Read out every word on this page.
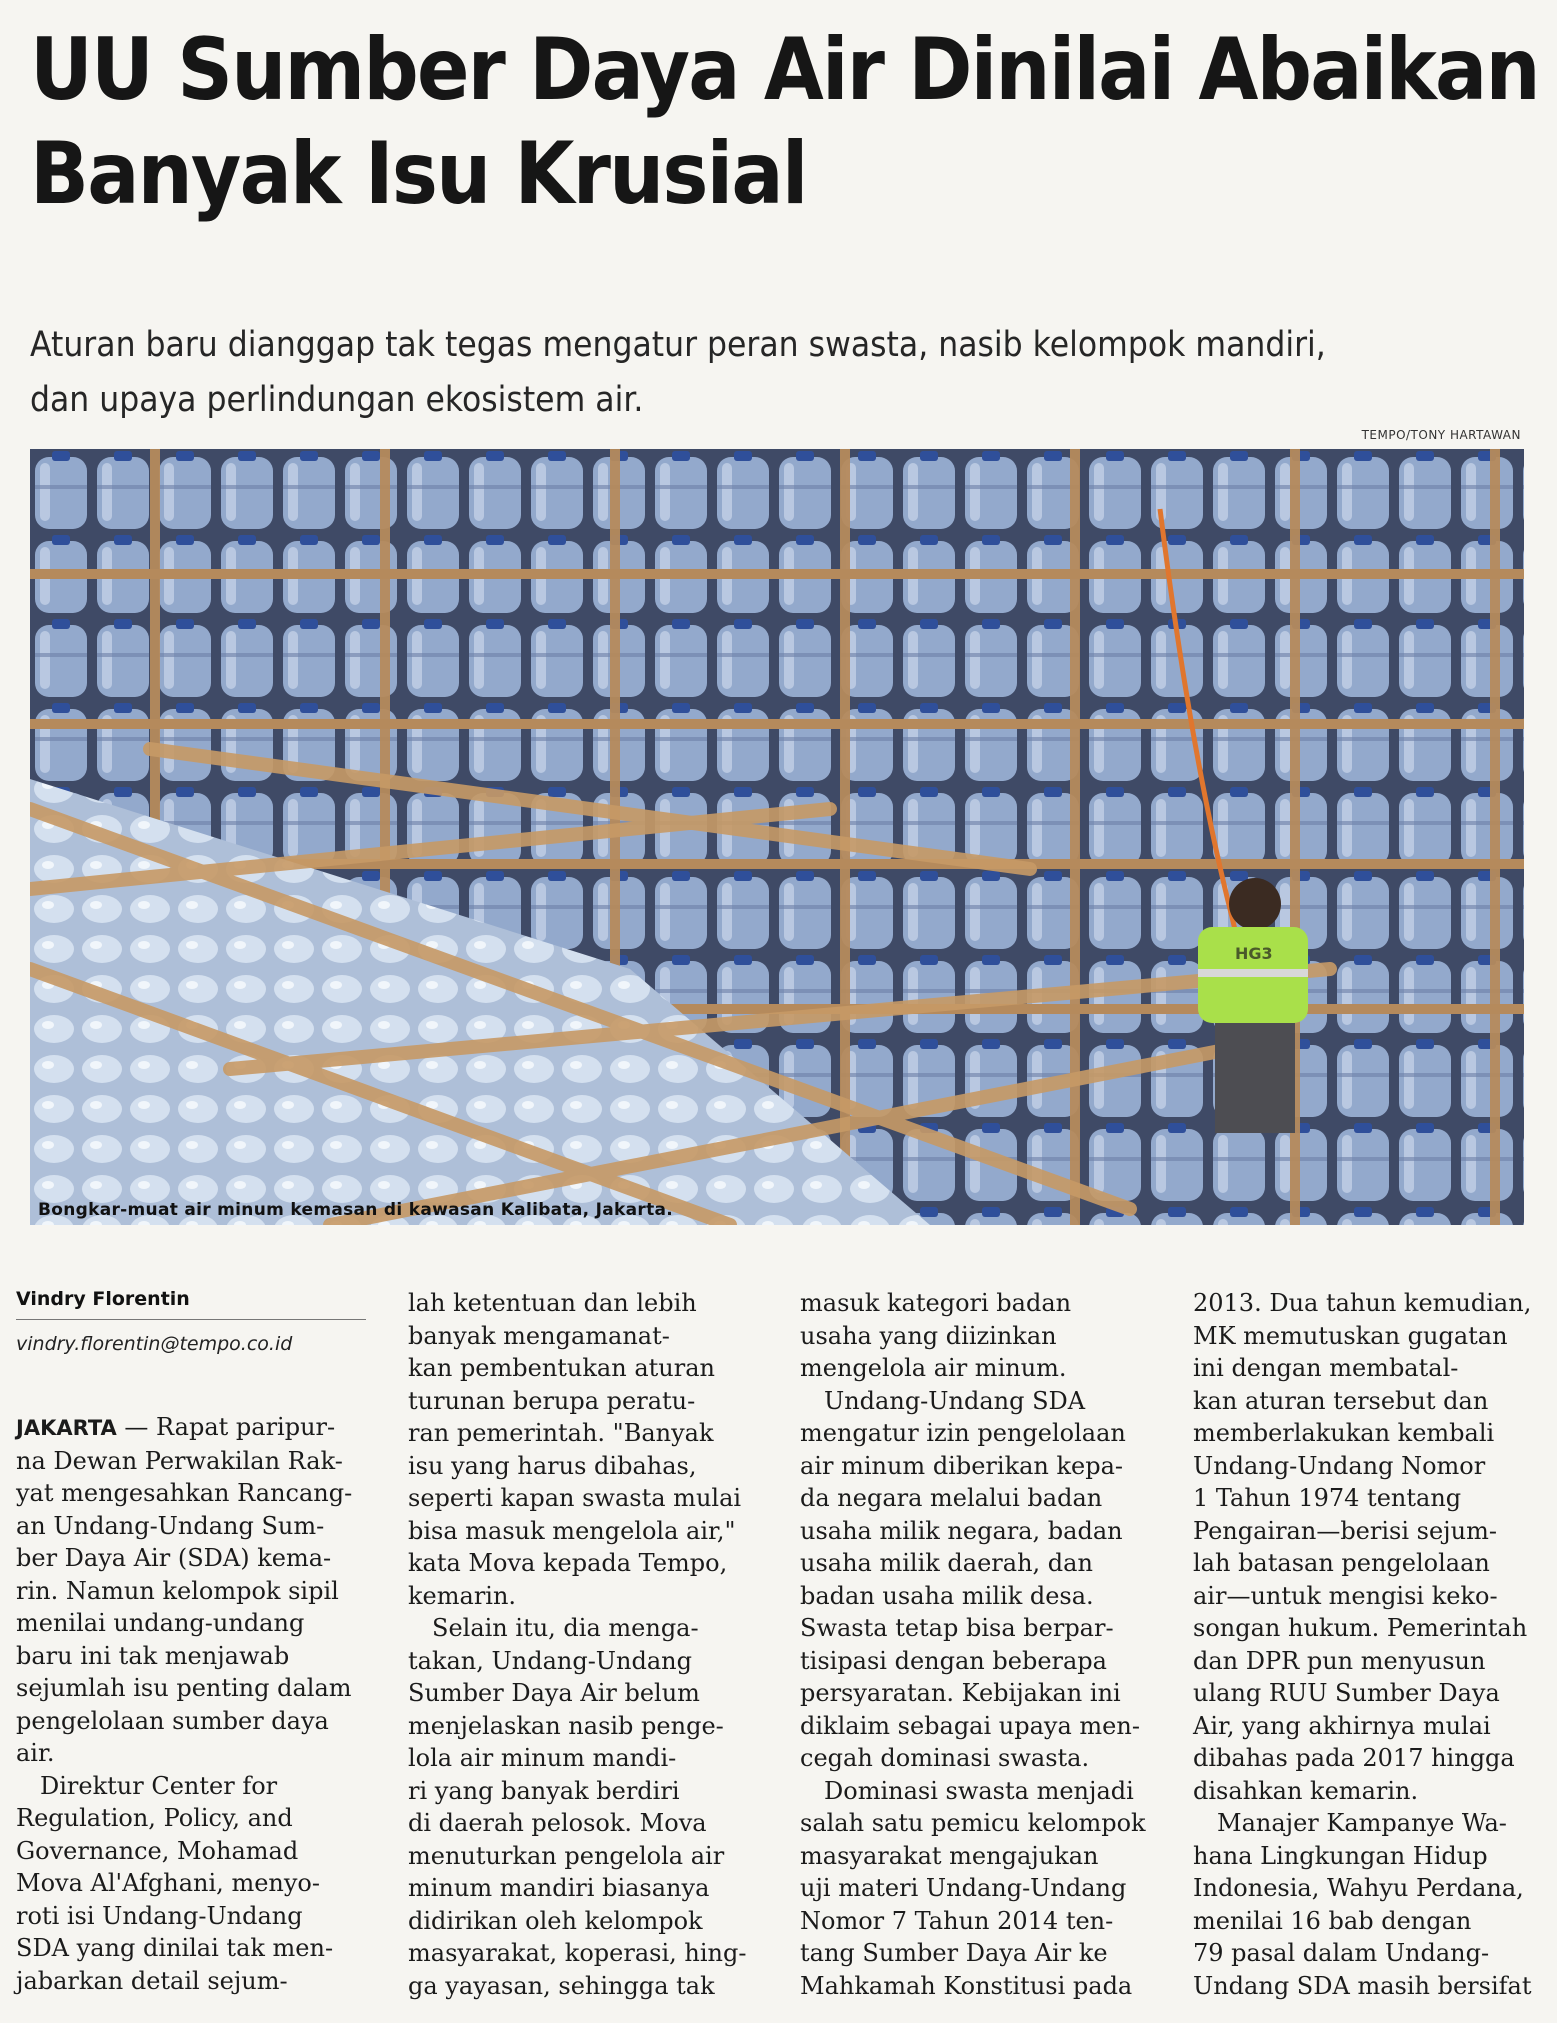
UU Sumber Daya Air Dinilai Abaikan
Banyak Isu Krusial
Aturan baru dianggap tak tegas mengatur peran swasta, nasib kelompok mandiri,
dan upaya perlindungan ekosistem air.
TEMPO/TONY HARTAWAN
HG3
Bongkar-muat air minum kemasan di kawasan Kalibata, Jakarta.
Vindry Florentin
vindry.florentin@tempo.co.id
JAKARTA — Rapat paripur-
na Dewan Perwakilan Rak-
yat mengesahkan Rancang-
an Undang-Undang Sum-
ber Daya Air (SDA) kema-
rin. Namun kelompok sipil
menilai undang-undang
baru ini tak menjawab
sejumlah isu penting dalam
pengelolaan sumber daya
air.
Direktur Center for
Regulation, Policy, and
Governance, Mohamad
Mova Al'Afghani, menyo-
roti isi Undang-Undang
SDA yang dinilai tak men-
jabarkan detail sejum-
lah ketentuan dan lebih
banyak mengamanat-
kan pembentukan aturan
turunan berupa peratu-
ran pemerintah. "Banyak
isu yang harus dibahas,
seperti kapan swasta mulai
bisa masuk mengelola air,"
kata Mova kepada Tempo,
kemarin.
Selain itu, dia menga-
takan, Undang-Undang
Sumber Daya Air belum
menjelaskan nasib penge-
lola air minum mandi-
ri yang banyak berdiri
di daerah pelosok. Mova
menuturkan pengelola air
minum mandiri biasanya
didirikan oleh kelompok
masyarakat, koperasi, hing-
ga yayasan, sehingga tak
masuk kategori badan
usaha yang diizinkan
mengelola air minum.
Undang-Undang SDA
mengatur izin pengelolaan
air minum diberikan kepa-
da negara melalui badan
usaha milik negara, badan
usaha milik daerah, dan
badan usaha milik desa.
Swasta tetap bisa berpar-
tisipasi dengan beberapa
persyaratan. Kebijakan ini
diklaim sebagai upaya men-
cegah dominasi swasta.
Dominasi swasta menjadi
salah satu pemicu kelompok
masyarakat mengajukan
uji materi Undang-Undang
Nomor 7 Tahun 2014 ten-
tang Sumber Daya Air ke
Mahkamah Konstitusi pada
2013. Dua tahun kemudian,
MK memutuskan gugatan
ini dengan membatal-
kan aturan tersebut dan
memberlakukan kembali
Undang-Undang Nomor
1 Tahun 1974 tentang
Pengairan—berisi sejum-
lah batasan pengelolaan
air—untuk mengisi keko-
songan hukum. Pemerintah
dan DPR pun menyusun
ulang RUU Sumber Daya
Air, yang akhirnya mulai
dibahas pada 2017 hingga
disahkan kemarin.
Manajer Kampanye Wa-
hana Lingkungan Hidup
Indonesia, Wahyu Perdana,
menilai 16 bab dengan
79 pasal dalam Undang-
Undang SDA masih bersifat
